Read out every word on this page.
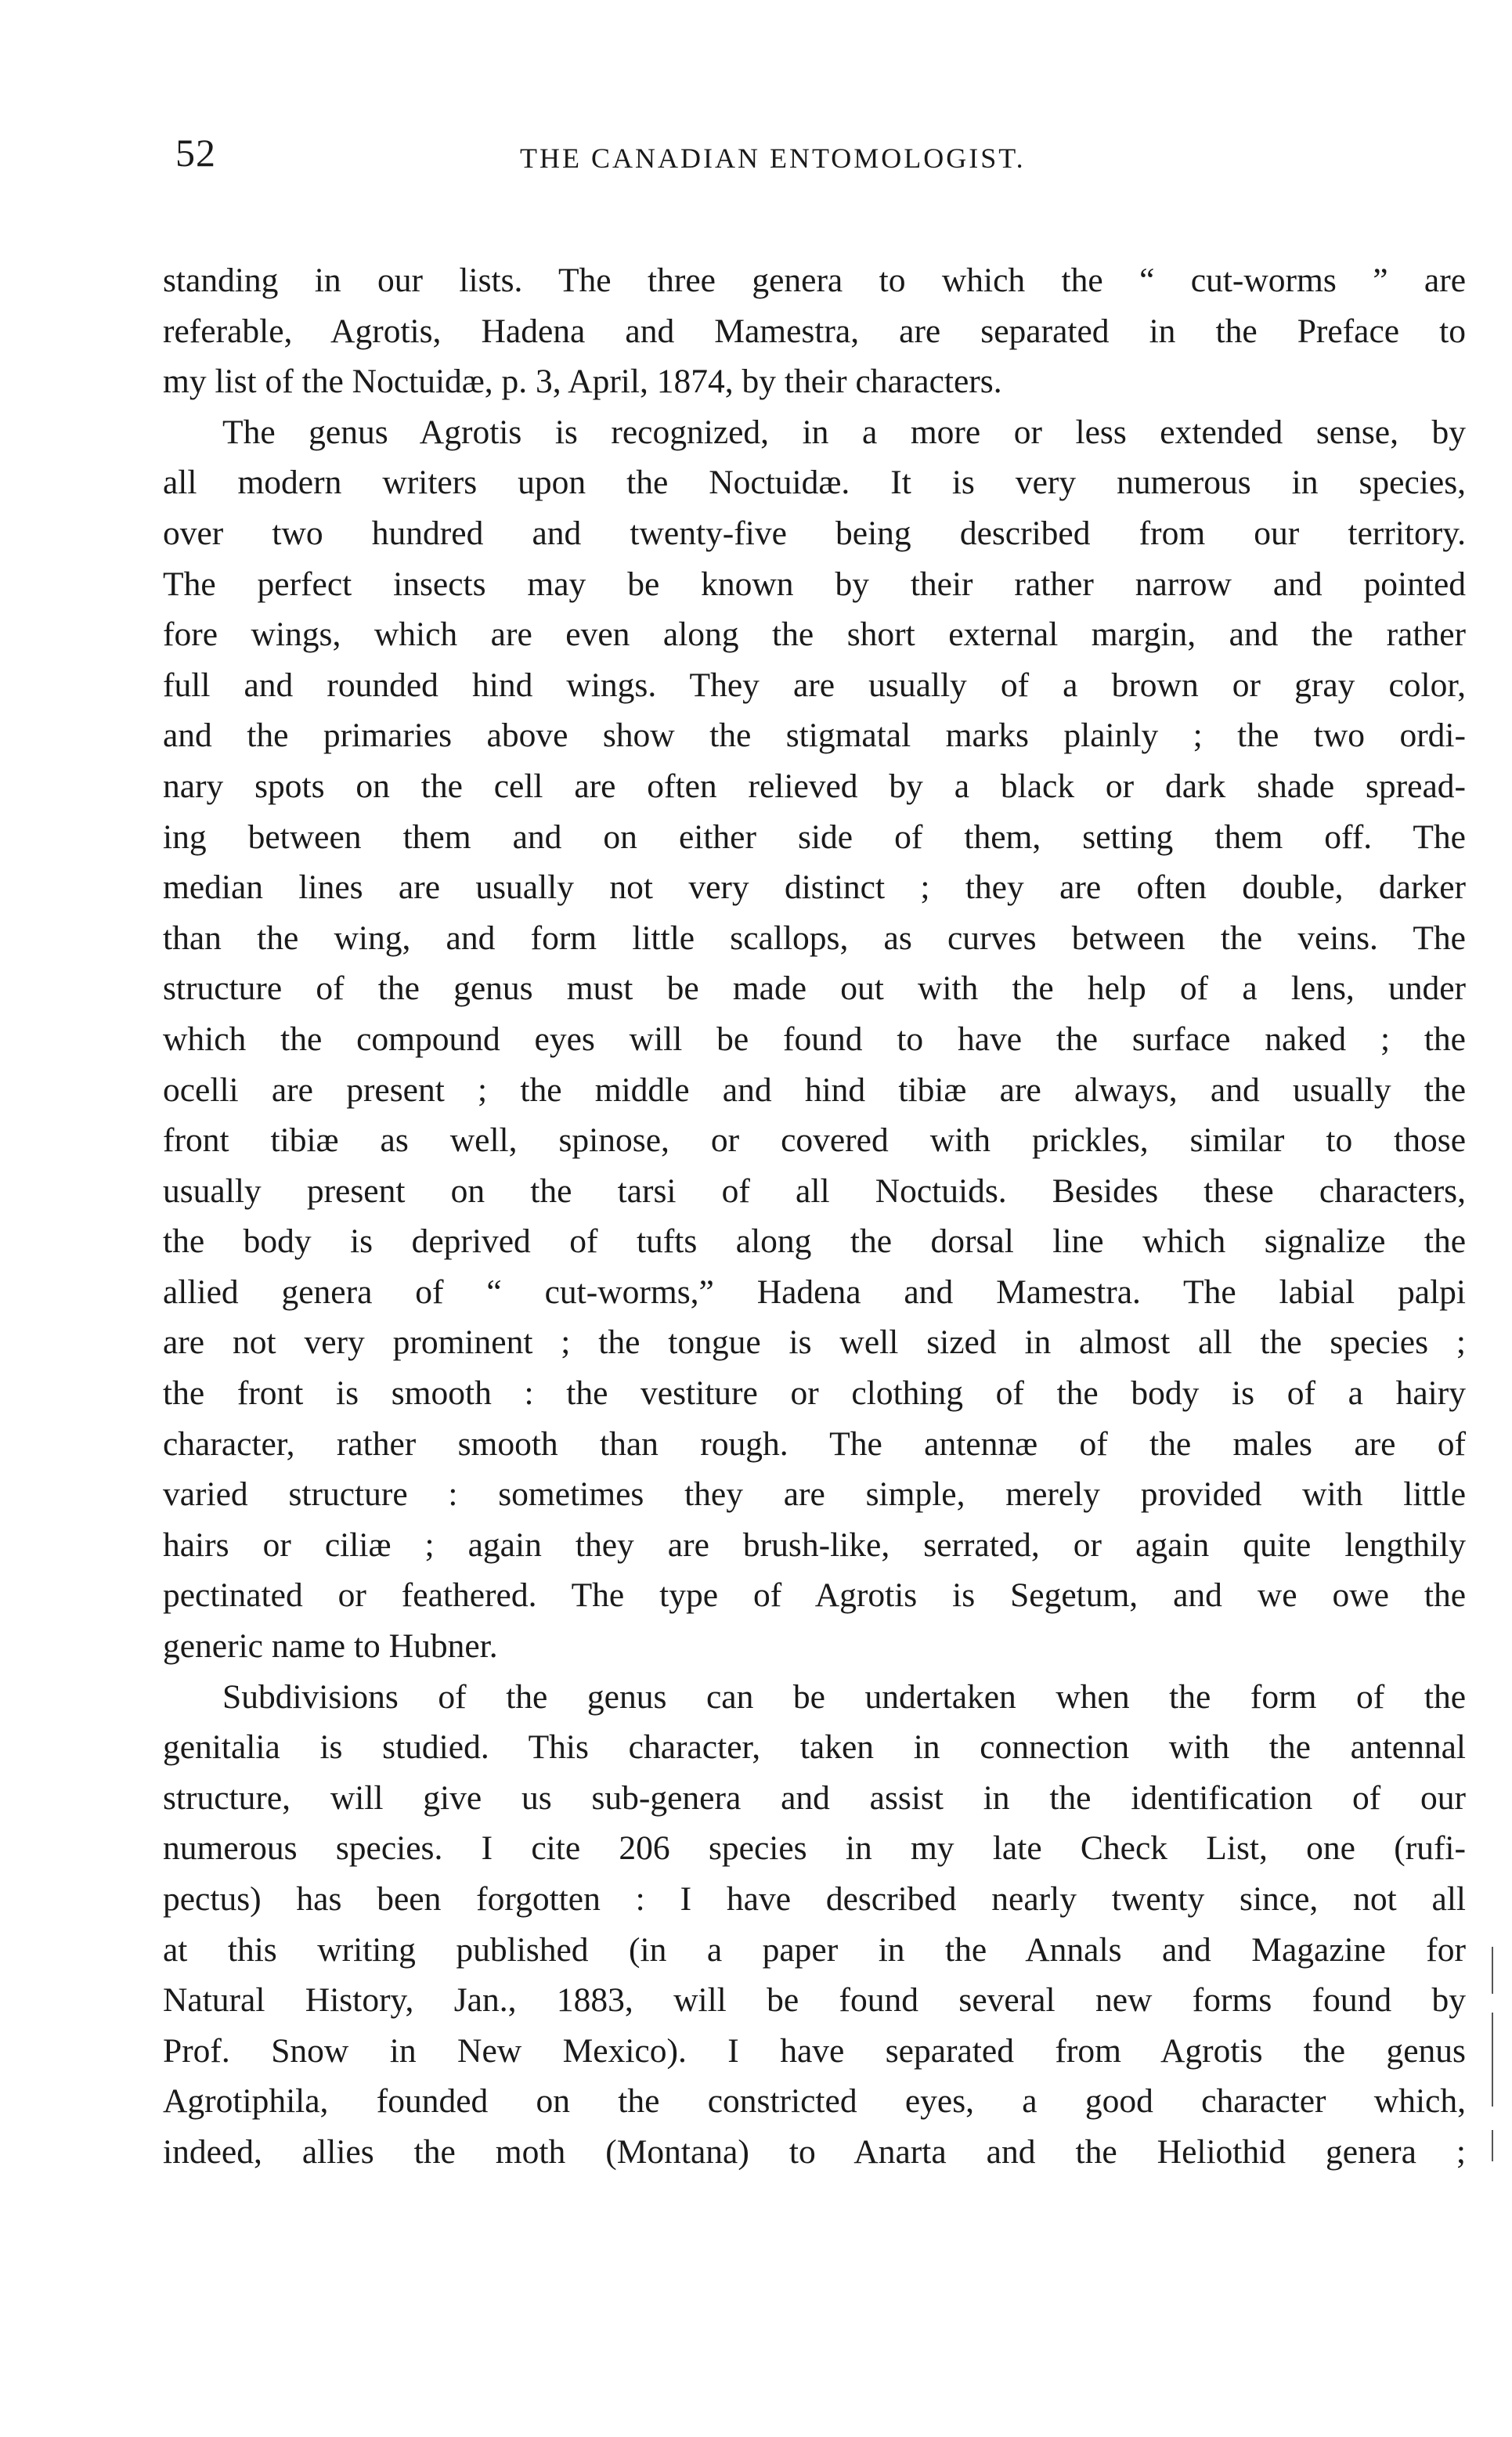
52	THE CANADIAN ENTOMOLOGIST.
standing in our lists. The three genera to which the “ cut-worms ” are
referable, Agrotis, Hadena and Mamestra, are separated in the Preface to
my list of the Noctuidæ, p. 3, April, 1874, by their characters.
The genus Agrotis is recognized, in a more or less extended sense, by
all modern writers upon the Noctuidæ. It is very numerous in species,
over two hundred and twenty-five being described from our territory.
The perfect insects may be known by their rather narrow and pointed
fore wings, which are even along the short external margin, and the rather
full and rounded hind wings. They are usually of a brown or gray color,
and the primaries above show the stigmatal marks plainly ; the two ordi-
nary spots on the cell are often relieved by a black or dark shade spread-
ing between them and on either side of them, setting them off. The
median lines are usually not very distinct ; they are often double, darker
than the wing, and form little scallops, as curves between the veins. The
structure of the genus must be made out with the help of a lens, under
which the compound eyes will be found to have the surface naked ; the
ocelli are present ; the middle and hind tibiæ are always, and usually the
front tibiæ as well, spinose, or covered with prickles, similar to those
usually present on the tarsi of all Noctuids. Besides these characters,
the body is deprived of tufts along the dorsal line which signalize the
allied genera of “ cut-worms,” Hadena and Mamestra. The labial palpi
are not very prominent ; the tongue is well sized in almost all the species ;
the front is smooth : the vestiture or clothing of the body is of a hairy
character, rather smooth than rough. The antennæ of the males are of
varied structure : sometimes they are simple, merely provided with little
hairs or ciliæ ; again they are brush-like, serrated, or again quite lengthily
pectinated or feathered. The type of Agrotis is Segetum, and we owe the
generic name to Hubner.
Subdivisions of the genus can be undertaken when the form of the
genitalia is studied. This character, taken in connection with the antennal
structure, will give us sub-genera and assist in the identification of our
numerous species. I cite 206 species in my late Check List, one (rufi-
pectus) has been forgotten : I have described nearly twenty since, not all
at this writing published (in a paper in the Annals and Magazine for
Natural History, Jan., 1883, will be found several new forms found by
Prof. Snow in New Mexico). I have separated from Agrotis the genus
Agrotiphila, founded on the constricted eyes, a good character which,
indeed, allies the moth (Montana) to Anarta and the Heliothid genera ;
